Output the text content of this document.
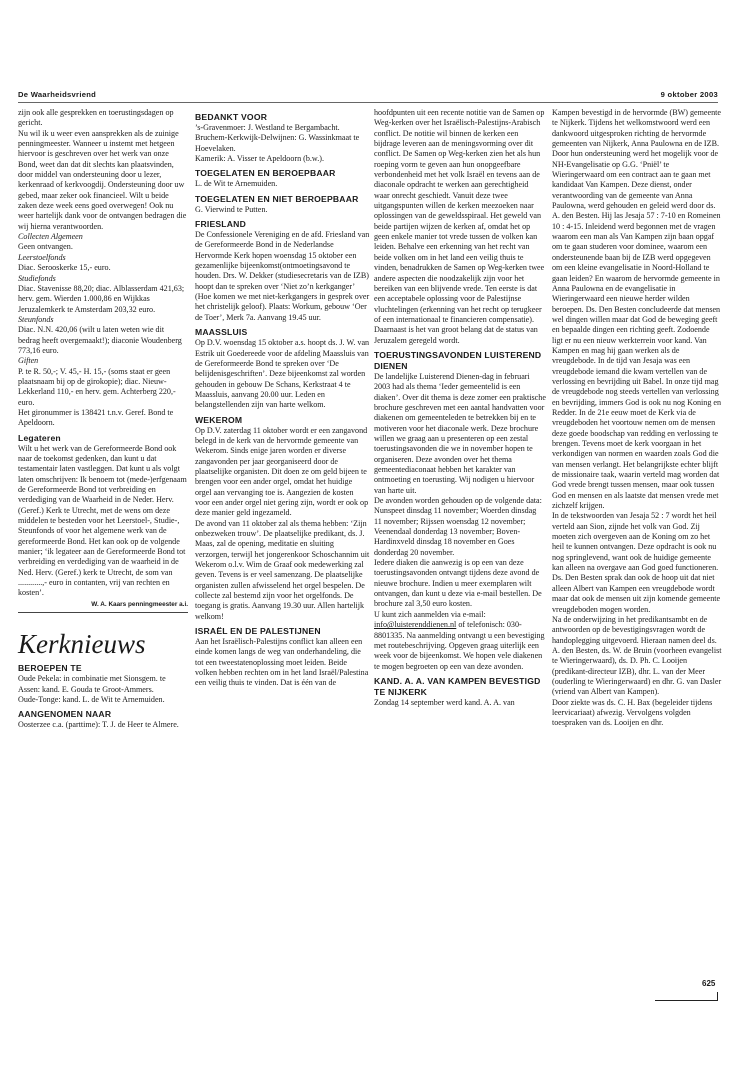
De Waarheidsvriend	9 oktober 2003

zijn ook alle gesprekken en toerustingsdagen op gericht.

Nu wil ik u weer even aansprekken als de zuinige penningmeester. Wanneer u instemt met hetgeen hiervoor is geschreven over het werk van onze Bond, weet dan dat dit slechts kan plaatsvinden, door middel van ondersteuning door u lezer, kerkenraad of kerkvoogdij. Ondersteuning door uw gebed, maar zeker ook financieel. Wilt u beide zaken deze week eens goed overwegen! Ook nu weer hartelijk dank voor de ontvangen bedragen die wij hierna verantwoorden.

Collecten Algemeen

Geen ontvangen.

Leerstoelfonds

Diac. Serooskerke 15,- euro.

Studiefonds

Diac. Stavenisse 88,20; diac. Alblasserdam 421,63; herv. gem. Wierden 1.000,86 en Wijkkas Jeruzalemkerk te Amsterdam 203,32 euro.

Steunfonds

Diac. N.N. 420,06 (wilt u laten weten wie dit bedrag heeft overgemaakt!); diaconie Woudenberg 773,16 euro.

Giften

P. te R. 50,-; V. 45,- H. 15,- (soms staat er geen plaatsnaam bij op de girokopie); diac. Nieuw-Lekkerland 110,- en herv. gem. Achterberg 220,- euro.

Het gironummer is 138421 t.n.v. Geref. Bond te Apeldoorn.

Legateren

Wilt u het werk van de Gereformeerde Bond ook naar de toekomst gedenken, dan kunt u dat testamentair laten vastleggen. Dat kunt u als volgt laten omschrijven: Ik benoem tot (mede-)erfgenaam de Gereformeerde Bond tot verbreiding en verdediging van de Waarheid in de Neder. Herv. (Geref.) Kerk te Utrecht, met de wens om deze middelen te besteden voor het Leerstoel-, Studie-, Steunfonds of voor het algemene werk van de gereformeerde Bond. Het kan ook op de volgende manier; ‘ik legateer aan de Gereformeerde Bond tot verbreiding en verdediging van de waarheid in de Ned. Herv. (Geref.) kerk te Utrecht, de som van ............,- euro in contanten, vrij van rechten en kosten’.

W. A. Kaars penningmeester a.i.
Kerknieuws
BEROEPEN TE

Oude Pekela: in combinatie met Sionsgem. te Assen: kand. E. Gouda te Groot-Ammers.

Oude-Tonge: kand. L. de Wit te Arnemuiden.

AANGENOMEN NAAR

Oosterzee c.a. (parttime): T. J. de Heer te Almere.

BEDANKT VOOR

’s-Gravenmoer: J. Westland te Bergambacht.

Bruchem-Kerkwijk-Delwijnen: G. Wassinkmaat te Hoevelaken.

Kamerik: A. Visser te Apeldoorn (b.w.).

TOEGELATEN EN BEROEPBAAR

L. de Wit te Arnemuiden.

TOEGELATEN EN NIET BEROEPBAAR

G. Vierwind te Putten.

FRIESLAND

De Confessionele Vereniging en de afd. Friesland van de Gereformeerde Bond in de Nederlandse Hervormde Kerk hopen woensdag 15 oktober een gezamenlijke bijeenkomst(ontmoetingsavond te houden. Drs. W. Dekker (studiesecretaris van de IZB) hoopt dan te spreken over ‘Niet zo’n kerkganger’ (Hoe komen we met niet-kerkgangers in gesprek over het christelijk geloof). Plaats: Workum, gebouw ‘Oer de Toer’, Merk 7a. Aanvang 19.45 uur.

MAASSLUIS

Op D.V. woensdag 15 oktober a.s. hoopt ds. J. W. van Estrik uit Goedereede voor de afdeling Maassluis van de Gereformeerde Bond te spreken over ‘De belijdenisgeschriften’. Deze bijeenkomst zal worden gehouden in gebouw De Schans, Kerkstraat 4 te Maassluis, aanvang 20.00 uur. Leden en belangstellenden zijn van harte welkom.

WEKEROM

Op D.V. zaterdag 11 oktober wordt er een zangavond belegd in de kerk van de hervormde gemeente van Wekerom. Sinds enige jaren worden er diverse zangavonden per jaar georganiseerd door de plaatselijke organisten. Dit doen ze om geld bijeen te brengen voor een ander orgel, omdat het huidige orgel aan vervanging toe is. Aangezien de kosten voor een ander orgel niet gering zijn, wordt er ook op deze manier geld ingezameld.

De avond van 11 oktober zal als thema hebben: ‘Zijn onbezweken trouw’. De plaatselijke predikant, ds. J. Maas, zal de opening, meditatie en sluiting verzorgen, terwijl het jongerenkoor Schoschannim uit Wekerom o.l.v. Wim de Graaf ook medewerking zal geven. Tevens is er veel samenzang. De plaatselijke organisten zullen afwisselend het orgel bespelen. De collecte zal bestemd zijn voor het orgelfonds. De toegang is gratis. Aanvang 19.30 uur. Allen hartelijk welkom!

ISRAËL EN DE PALESTIJNEN

Aan het Israëlisch-Palestijns conflict kan alleen een einde komen langs de weg van onderhandeling, die tot een tweestatenoplossing moet leiden. Beide volken hebben rechten om in het land Israël/Palestina een veilig thuis te vinden. Dat is één van de

hoofdpunten uit een recente notitie van de Samen op Weg-kerken over het Israëlisch-Palestijns-Arabisch conflict. De notitie wil binnen de kerken een bijdrage leveren aan de meningsvorming over dit conflict. De Samen op Weg-kerken zien het als hun roeping vorm te geven aan hun onopgeefbare verbondenheid met het volk Israël en tevens aan de diaconale opdracht te werken aan gerechtigheid waar onrecht geschiedt. Vanuit deze twee uitgangspunten willen de kerken meezoeken naar oplossingen van de geweldsspiraal. Het geweld van beide partijen wijzen de kerken af, omdat het op geen enkele manier tot vrede tussen de volken kan leiden. Behalve een erkenning van het recht van beide volken om in het land een veilig thuis te vinden, benadrukken de Samen op Weg-kerken twee andere aspecten die noodzakelijk zijn voor het bereiken van een blijvende vrede. Ten eerste is dat een acceptabele oplossing voor de Palestijnse vluchtelingen (erkenning van het recht op terugkeer of een internationaal te financieren compensatie). Daarnaast is het van groot belang dat de status van Jeruzalem geregeld wordt.

TOERUSTINGSAVONDEN LUISTEREND DIENEN

De landelijke Luisterend Dienen-dag in februari 2003 had als thema ‘Ieder gemeentelid is een diaken’. Over dit thema is deze zomer een praktische brochure geschreven met een aantal handvatten voor diakenen om gemeenteleden te betrekken bij en te motiveren voor het diaconale werk. Deze brochure willen we graag aan u presenteren op een zestal toerustingsavonden die we in november hopen te organiseren. Deze avonden over het thema gemeentediaconaat hebben het karakter van ontmoeting en toerusting. Wij nodigen u hiervoor van harte uit.

De avonden worden gehouden op de volgende data: Nunspeet dinsdag 11 november; Woerden dinsdag 11 november; Rijssen woensdag 12 november; Veenendaal donderdag 13 november; Boven-Hardinxveld dinsdag 18 november en Goes donderdag 20 november.

Iedere diaken die aanwezig is op een van deze toerustingsavonden ontvangt tijdens deze avond de nieuwe brochure. Indien u meer exemplaren wilt ontvangen, dan kunt u deze via e-mail bestellen. De brochure zal 3,50 euro kosten.

U kunt zich aanmelden via e-mail: info@luisterenddienen.nl of telefonisch: 030-8801335. Na aanmelding ontvangt u een bevestiging met routebeschrijving. Opgeven graag uiterlijk een week voor de bijeenkomst. We hopen vele diakenen te mogen begroeten op een van deze avonden.

KAND. A. A. VAN KAMPEN BEVESTIGD TE NIJKERK

Zondag 14 september werd kand. A. A. van

Kampen bevestigd in de hervormde (BW) gemeente te Nijkerk. Tijdens het welkomstwoord werd een dankwoord uitgesproken richting de hervormde gemeenten van Nijkerk, Anna Paulowna en de IZB. Door hun ondersteuning werd het mogelijk voor de NH-Evangelisatie op G.G. ‘Pniël’ te Wieringerwaard om een contract aan te gaan met kandidaat Van Kampen. Deze dienst, onder verantwoording van de gemeente van Anna Paulowna, werd gehouden en geleid werd door ds. A. den Besten. Hij las Jesaja 57 : 7-10 en Romeinen 10 : 4-15. Inleidend werd begonnen met de vragen waarom een man als Van Kampen zijn baan opgaf om te gaan studeren voor dominee, waarom een ondersteunende baan bij de IZB werd opgegeven om een kleine evangelisatie in Noord-Holland te gaan leiden? En waarom de hervormde gemeente in Anna Paulowna en de evangelisatie in Wieringerwaard een nieuwe herder wilden beroepen. Ds. Den Besten concludeerde dat mensen wel dingen willen maar dat God de beweging geeft en bepaalde dingen een richting geeft. Zodoende ligt er nu een nieuw werkterrein voor kand. Van Kampen en mag hij gaan werken als de vreugdebode. In de tijd van Jesaja was een vreugdebode iemand die kwam vertellen van de verlossing en bevrijding uit Babel. In onze tijd mag de vreugdebode nog steeds vertellen van verlossing en bevrijding, immers God is ook nu nog Koning en Redder. In de 21e eeuw moet de Kerk via de vreugdeboden het voortouw nemen om de mensen deze goede boodschap van redding en verlossing te brengen. Tevens moet de kerk voorgaan in het verkondigen van normen en waarden zoals God die van mensen verlangt. Het belangrijkste echter blijft de missionaire taak, waarin verteld mag worden dat God vrede brengt tussen mensen, maar ook tussen God en mensen en als laatste dat mensen vrede met zichzelf krijgen.

In de tekstwoorden van Jesaja 52 : 7 wordt het heil verteld aan Sion, zijnde het volk van God. Zij moeten zich overgeven aan de Koning om zo het heil te kunnen ontvangen. Deze opdracht is ook nu nog springlevend, want ook de huidige gemeente kan alleen na overgave aan God goed functioneren. Ds. Den Besten sprak dan ook de hoop uit dat niet alleen Albert van Kampen een vreugdebode wordt maar dat ook de mensen uit zijn komende gemeente vreugdeboden mogen worden.

Na de onderwijzing in het predikantsambt en de antwoorden op de bevestigingsvragen wordt de handoplegging uitgevoerd. Hieraan namen deel ds. A. den Besten, ds. W. de Bruin (voorheen evangelist te Wieringerwaard), ds. D. Ph. C. Looijen (predikant-directeur IZB), dhr. L. van der Meer (ouderling te Wieringerwaard) en dhr. G. van Dasler (vriend van Albert van Kampen).

Door ziekte was ds. C. H. Bax (begeleider tijdens leervicariaat) afwezig. Vervolgens volgden toespraken van ds. Looijen en dhr.

625
